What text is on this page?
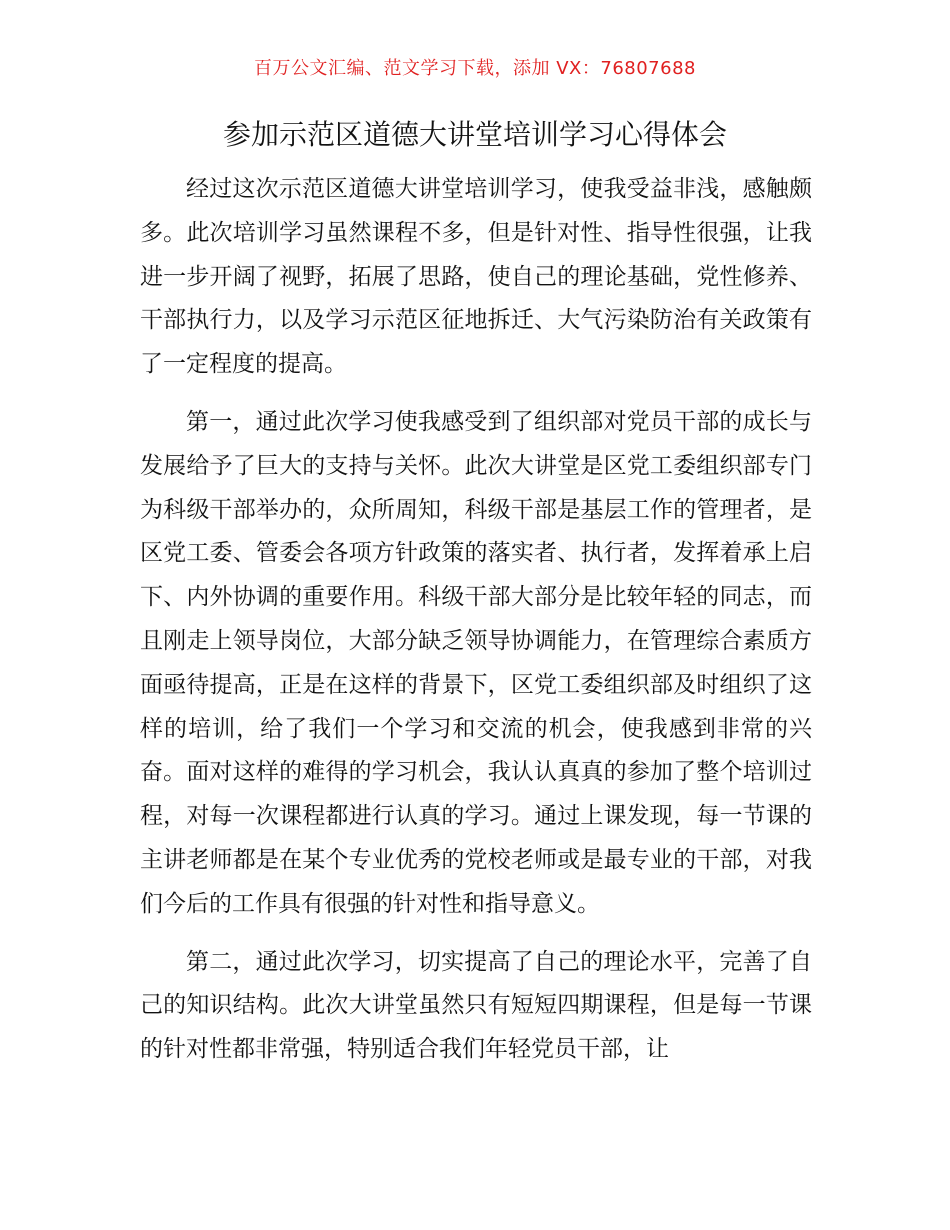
百万公文汇编、范文学习下载，添加 VX：76807688
参加示范区道德大讲堂培训学习心得体会

经过这次示范区道德大讲堂培训学习，使我受益非浅，感触颇多。此次培训学习虽然课程不多，但是针对性、指导性很强，让我进一步开阔了视野，拓展了思路，使自己的理论基础，党性修养、干部执行力，以及学习示范区征地拆迁、大气污染防治有关政策有了一定程度的提高。

第一，通过此次学习使我感受到了组织部对党员干部的成长与发展给予了巨大的支持与关怀。此次大讲堂是区党工委组织部专门为科级干部举办的，众所周知，科级干部是基层工作的管理者，是区党工委、管委会各项方针政策的落实者、执行者，发挥着承上启下、内外协调的重要作用。科级干部大部分是比较年轻的同志，而且刚走上领导岗位，大部分缺乏领导协调能力，在管理综合素质方面亟待提高，正是在这样的背景下，区党工委组织部及时组织了这样的培训，给了我们一个学习和交流的机会，使我感到非常的兴奋。面对这样的难得的学习机会，我认认真真的参加了整个培训过程，对每一次课程都进行认真的学习。通过上课发现，每一节课的主讲老师都是在某个专业优秀的党校老师或是最专业的干部，对我们今后的工作具有很强的针对性和指导意义。

第二，通过此次学习，切实提高了自己的理论水平，完善了自己的知识结构。此次大讲堂虽然只有短短四期课程，但是每一节课的针对性都非常强，特别适合我们年轻党员干部，让
